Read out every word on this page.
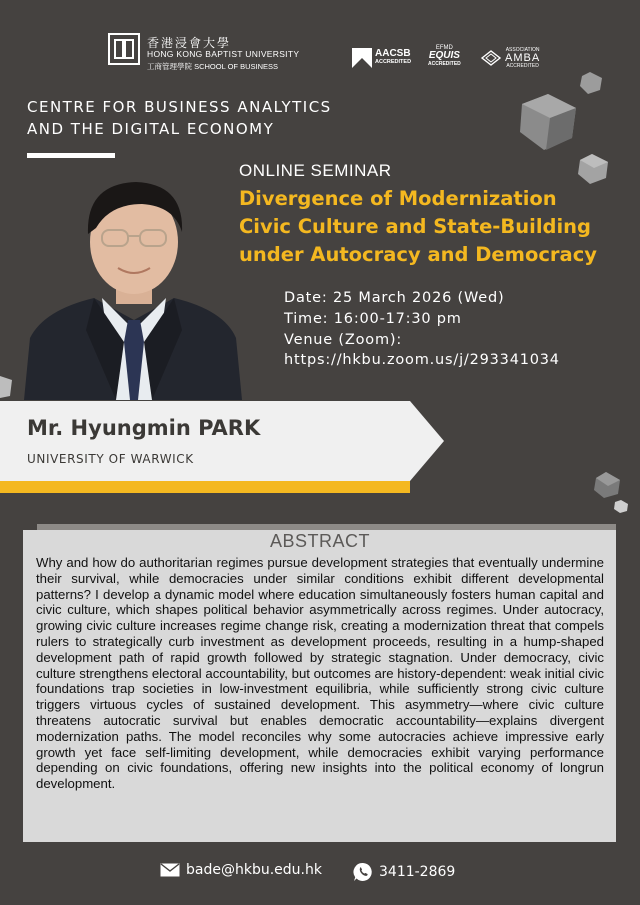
香港浸會大學
HONG KONG BAPTIST UNIVERSITY
工商管理學院 SCHOOL OF BUSINESS
AACSB
ACCREDITED
EFMD
EQUIS
ACCREDITED
ASSOCIATION
AMBA
ACCREDITED
CENTRE FOR BUSINESS ANALYTICS
AND THE DIGITAL ECONOMY
ONLINE SEMINAR
Divergence of Modernization
Civic Culture and State-Building
under Autocracy and Democracy
Date: 25 March 2026 (Wed)
Time: 16:00-17:30 pm
Venue (Zoom):
https://hkbu.zoom.us/j/293341034
Mr. Hyungmin PARK
UNIVERSITY OF WARWICK
ABSTRACT
Why and how do authoritarian regimes pursue development strategies that eventually undermine their survival, while democracies under similar conditions exhibit different developmental patterns? I develop a dynamic model where education simultaneously fosters human capital and civic culture, which shapes political behavior asymmetrically across regimes. Under autocracy, growing civic culture increases regime change risk, creating a modernization threat that compels rulers to strategically curb investment as development proceeds, resulting in a hump-shaped development path of rapid growth followed by strategic stagnation. Under democracy, civic culture strengthens electoral accountability, but outcomes are history-dependent: weak initial civic foundations trap societies in low-investment equilibria, while sufficiently strong civic culture triggers virtuous cycles of sustained development. This asymmetry—where civic culture threatens autocratic survival but enables democratic accountability—explains divergent modernization paths. The model reconciles why some autocracies achieve impressive early growth yet face self-limiting development, while democracies exhibit varying performance depending on civic foundations, offering new insights into the political economy of longrun development.
bade@hkbu.edu.hk	3411-2869
